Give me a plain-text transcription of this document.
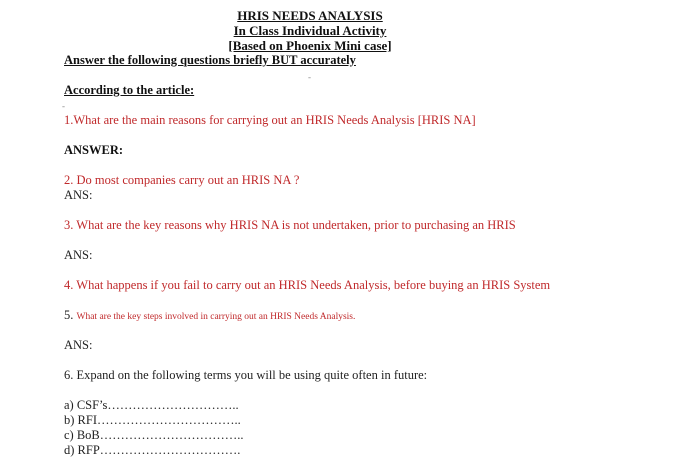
HRIS NEEDS ANALYSIS
In Class Individual Activity
[Based on Phoenix Mini case]
Answer the following questions briefly BUT accurately
-
According to the article:
-
1.What are the main reasons for carrying out an HRIS Needs Analysis [HRIS NA]
ANSWER:
2. Do most companies carry out an HRIS NA ?
ANS:
3. What are the key reasons why HRIS NA is not undertaken, prior to purchasing an HRIS
ANS:
4. What happens if you fail to carry out an HRIS Needs Analysis, before buying an HRIS System
5. What are the key steps involved in carrying out an HRIS Needs Analysis.
ANS:
6. Expand on the following terms you will be using quite often in future:
a) CSF’s…………………………..
b) RFI……………………………..
c) BoB……………………………..
d) RFP…………………………….
